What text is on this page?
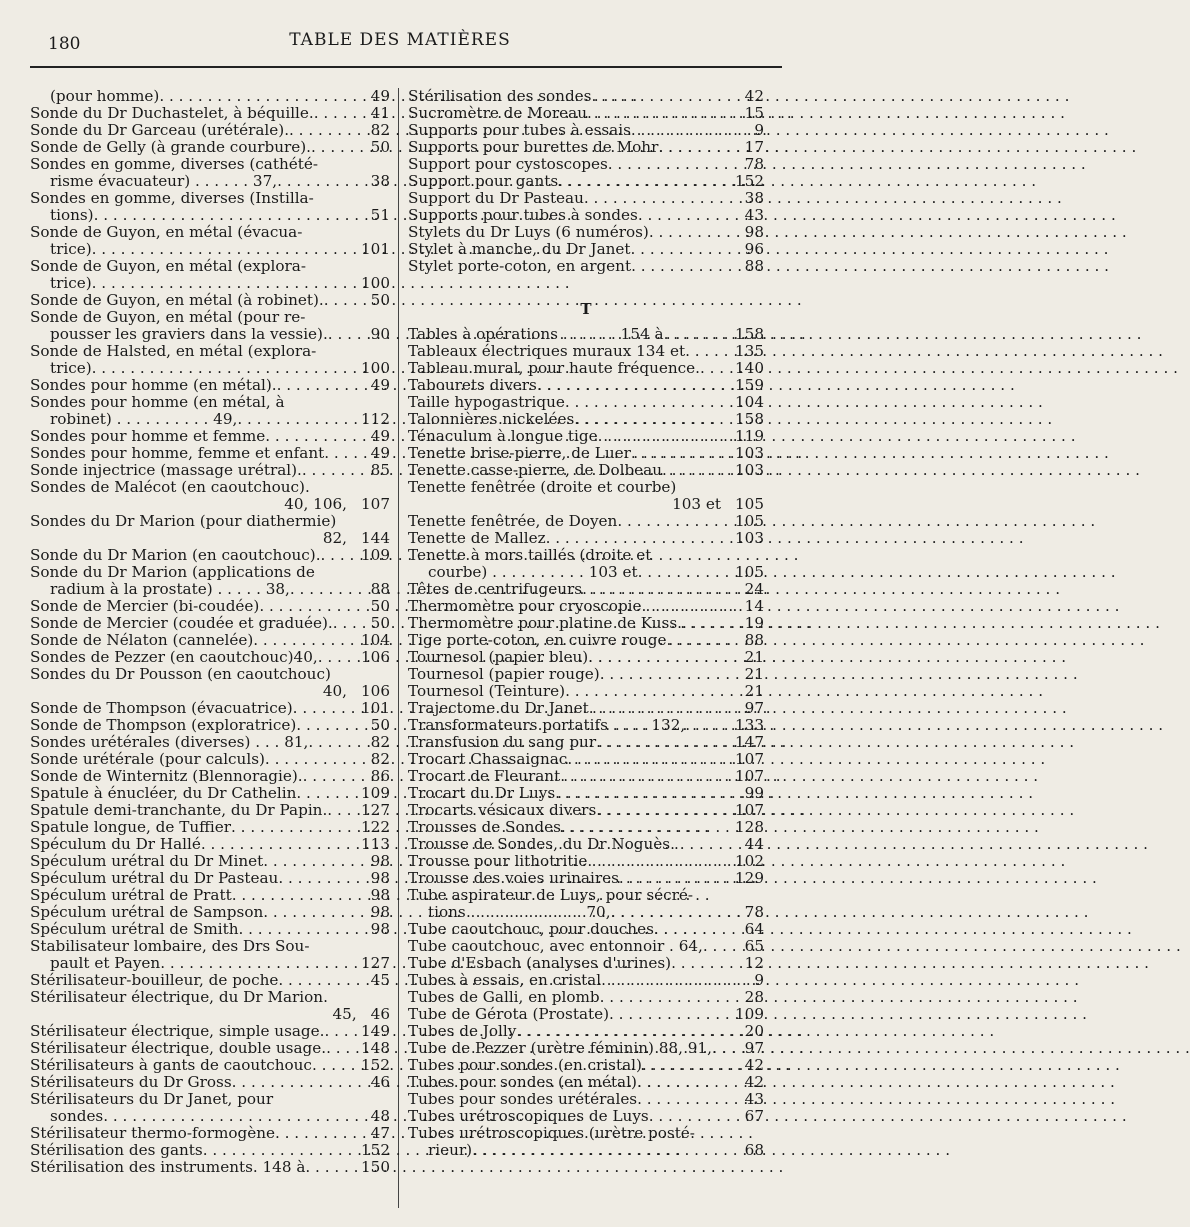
180	TABLE DES MATIÈRES
(pour homme) . . .	49
Sonde du Dr Duchastelet, à béquille. . . .	41
Sonde du Dr Garceau (urétérale). . . .	82
Sonde de Gelly (à grande courbure). . . .	50
Sondes en gomme, diverses (cathété-
risme évacuateur) . . . . . . 37, . . .	38
Sondes en gomme, diverses (Instilla-
tions) . . .	51
Sonde de Guyon, en métal (évacua-
trice) . . .	101
Sonde de Guyon, en métal (explora-
trice) . . .	100
Sonde de Guyon, en métal (à robinet). . . .	50
Sonde de Guyon, en métal (pour re-
pousser les graviers dans la vessie). . . .	90
Sonde de Halsted, en métal (explora-
trice) . . .	100
Sondes pour homme (en métal). . . .	49
Sondes pour homme (en métal, à
robinet) . . . . . . . . . . 49, . . .	112
Sondes pour homme et femme . . .	49
Sondes pour homme, femme et enfant . . .	49
Sonde injectrice (massage urétral). . . .	85
Sondes de Malécot (en caoutchouc).
40, 106, 107
Sondes du Dr Marion (pour diathermie)
82, 144
Sonde du Dr Marion (en caoutchouc). . . .	109
Sonde du Dr Marion (applications de
radium à la prostate) . . . . . 38, . . .	88
Sonde de Mercier (bi-coudée) . . .	50
Sonde de Mercier (coudée et graduée). . . .	50
Sonde de Nélaton (cannelée) . . .	104
Sondes de Pezzer (en caoutchouc)40, . . .	106
Sondes du Dr Pousson (en caoutchouc)
40, 106
Sonde de Thompson (évacuatrice) . . .	101
Sonde de Thompson (exploratrice) . . .	50
Sondes urétérales (diverses) . . . 81, . . .	82
Sonde urétérale (pour calculs) . . .	82
Sonde de Winternitz (Blennoragie). . . .	86
Spatule à énucléer, du Dr Cathelin . . .	109
Spatule demi-tranchante, du Dr Papin. . . .	127
Spatule longue, de Tuffier . . .	122
Spéculum du Dr Hallé . . .	113
Spéculum urétral du Dr Minet . . .	98
Spéculum urétral du Dr Pasteau . . .	98
Spéculum urétral de Pratt . . .	98
Spéculum urétral de Sampson . . .	98
Spéculum urétral de Smith . . .	98
Stabilisateur lombaire, des Drs Sou-
pault et Payen . . .	127
Stérilisateur-bouilleur, de poche . . .	45
Stérilisateur électrique, du Dr Marion.
45, 46
Stérilisateur électrique, simple usage. . . .	149
Stérilisateur électrique, double usage. . . .	148
Stérilisateurs à gants de caoutchouc . . .	152
Stérilisateurs du Dr Gross . . .	46
Stérilisateurs du Dr Janet, pour
sondes . . .	48
Stérilisateur thermo-formogène . . .	47
Stérilisation des gants . . .	152
Stérilisation des instruments. 148 à . . .	150
Stérilisation des sondes . . .	42
Sucromètre de Moreau . . .	15
Supports pour tubes à essais . . .	9
Supports pour burettes de Mohr . . .	17
Support pour cystoscopes . . .	78
Support pour gants . . .	152
Support du Dr Pasteau . . .	38
Supports pour tubes à sondes . . .	43
Stylets du Dr Luys (6 numéros) . . .	98
Stylet à manche, du Dr Janet . . .	96
Stylet porte-coton, en argent . . .	88
T
Tables à opérations . . . . . . 154 à . . .	158
Tableaux électriques muraux 134 et . . .	135
Tableau mural, pour haute fréquence. . . .	140
Tabourets divers . . .	159
Taille hypogastrique . . .	104
Talonnières nickelées . . .	158
Ténaculum à longue tige . . .	119
Tenette brise-pierre, de Luer . . .	103
Tenette casse-pierre, de Dolbeau . . .	103
Tenette fenêtrée (droite et courbe)
103 et 105
Tenette fenêtrée, de Doyen . . .	105
Tenette de Mallez . . .	103
Tenette à mors taillés (droite et
courbe) . . . . . . . . . . 103 et . . .	105
Têtes de centrifugeurs . . .	24
Thermomètre pour cryoscopie . . .	14
Thermomètre pour platine de Kuss. . . .	19
Tige porte-coton, en cuivre rouge . . .	88
Tournesol (papier bleu) . . .	21
Tournesol (papier rouge) . . .	21
Tournesol (Teinture) . . .	21
Trajectome du Dr Janet . . .	97
Transformateurs portatifs . . . . 132, . . .	133
Transfusion du sang pur . . .	147
Trocart Chassaignac . . .	107
Trocart de Fleurant . . .	107
Trocart du Dr Luys . . .	99
Trocarts vésicaux divers . . .	107
Trousses de Sondes . . .	128
Trousse de Sondes, du Dr Noguès . . .	44
Trousse pour lithotritie . . .	102
Trousse des voies urinaires . . .	129
Tube aspirateur de Luys, pour sécré-
tions . . . . . . . . . . . . 70, . . .	78
Tube caoutchouc, pour douches . . .	64
Tube caoutchouc, avec entonnoir . 64, . . .	65
Tube d'Esbach (analyses d'urines) . . .	12
Tubes à essais, en cristal . . .	9
Tubes de Galli, en plomb . . .	28
Tube de Gérota (Prostate) . . .	109
Tubes de Jolly . . .	20
Tube de Pezzer (urètre féminin) 88, 91, . . .	97
Tubes pour sondes (en cristal) . . .	42
Tubes pour sondes (en métal) . . .	42
Tubes pour sondes urétérales . . .	43
Tubes urétroscopiques de Luys . . .	67
Tubes urétroscopiques (urètre posté-
rieur) . . .	68
